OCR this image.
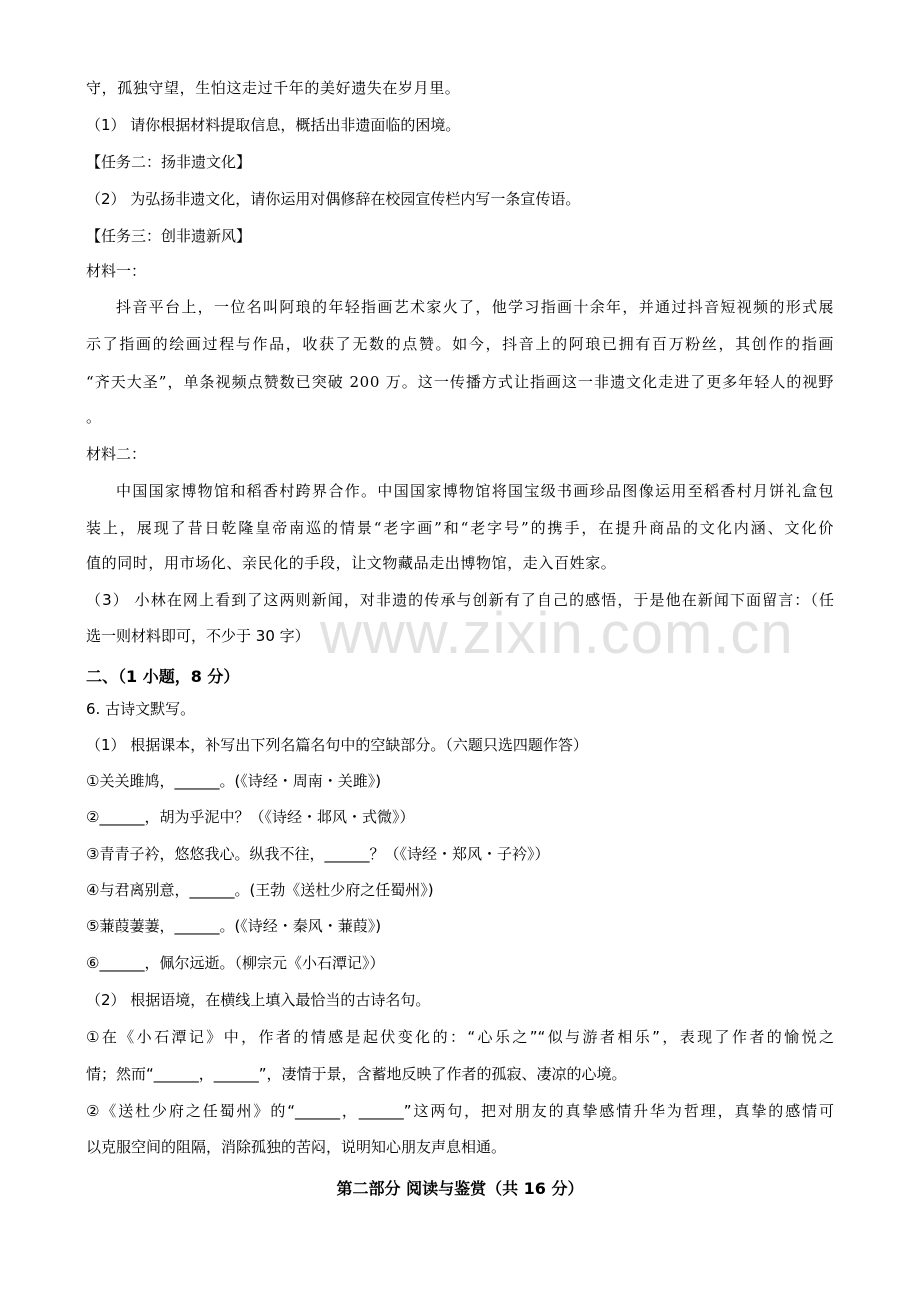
www.zixin.com.cn
守，孤独守望，生怕这走过千年的美好遗失在岁月里。
（1） 请你根据材料提取信息，概括出非遗面临的困境。
【任务二：扬非遗文化】
（2） 为弘扬非遗文化，请你运用对偶修辞在校园宣传栏内写一条宣传语。
【任务三：创非遗新风】
材料一：
抖音平台上，一位名叫阿琅的年轻指画艺术家火了，他学习指画十余年，并通过抖音短视频的形式展
示了指画的绘画过程与作品，收获了无数的点赞。如今，抖音上的阿琅已拥有百万粉丝，其创作的指画
“齐天大圣”，单条视频点赞数已突破 200 万。这一传播方式让指画这一非遗文化走进了更多年轻人的视野
。
材料二：
中国国家博物馆和稻香村跨界合作。中国国家博物馆将国宝级书画珍品图像运用至稻香村月饼礼盒包
装上，展现了昔日乾隆皇帝南巡的情景“老字画”和“老字号”的携手，在提升商品的文化内涵、文化价
值的同时，用市场化、亲民化的手段，让文物藏品走出博物馆，走入百姓家。
（3） 小林在网上看到了这两则新闻，对非遗的传承与创新有了自己的感悟，于是他在新闻下面留言：（任
选一则材料即可，不少于 30 字）
二、（1 小题，8 分）
6. 古诗文默写。
（1） 根据课本，补写出下列名篇名句中的空缺部分。（六题只选四题作答）
①关关雎鸠，______。(《诗经・周南・关雎》)
②______，胡为乎泥中？（《诗经・邶风・式微》）
③青青子衿，悠悠我心。纵我不往，______？（《诗经・郑风・子衿》）
④与君离别意，______。(王勃《送杜少府之任蜀州》)
⑤蒹葭萋萋，______。(《诗经・秦风・蒹葭》)
⑥______，佩尔远逝。（柳宗元《小石潭记》）
（2） 根据语境，在横线上填入最恰当的古诗名句。
①在《小石潭记》中，作者的情感是起伏变化的：“心乐之”“似与游者相乐”，表现了作者的愉悦之
情；然而“______，______”，凄情于景，含蓄地反映了作者的孤寂、凄凉的心境。
②《送杜少府之任蜀州》的“______，______”这两句，把对朋友的真挚感情升华为哲理，真挚的感情可
以克服空间的阻隔，消除孤独的苦闷，说明知心朋友声息相通。
第二部分 阅读与鉴赏（共 16 分）
